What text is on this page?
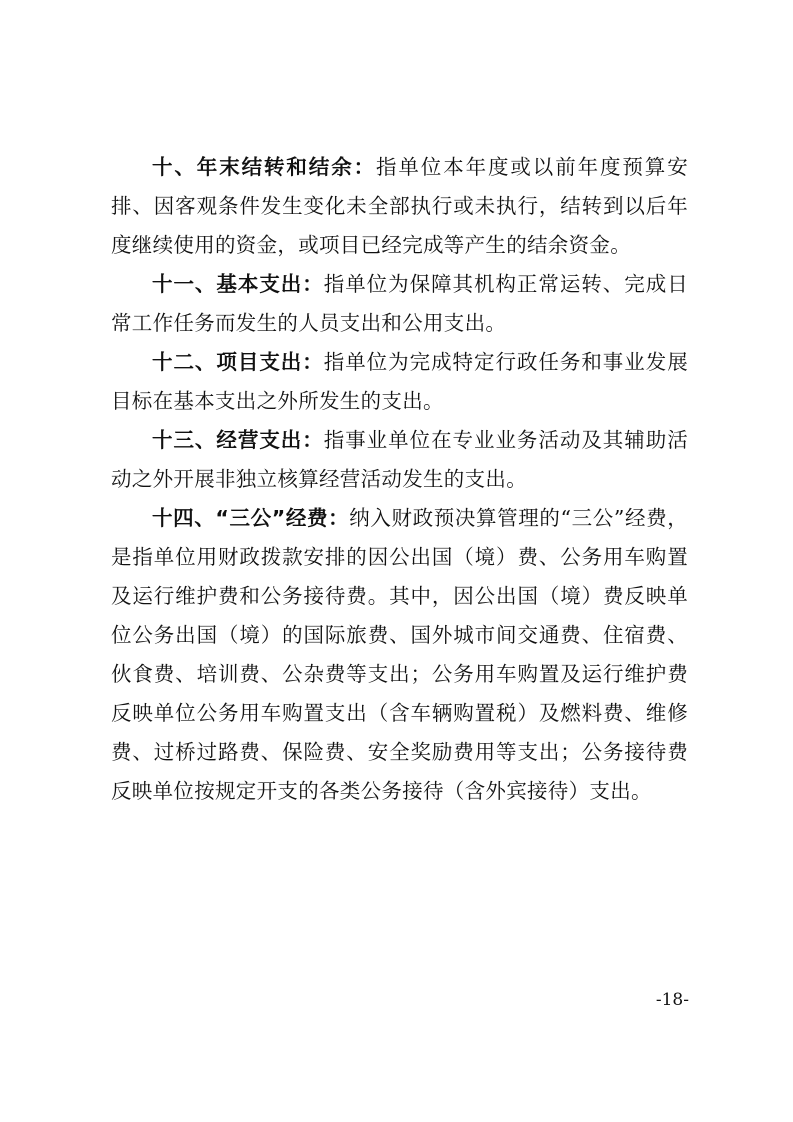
十、年末结转和结余：指单位本年度或以前年度预算安排、因客观条件发生变化未全部执行或未执行，结转到以后年度继续使用的资金，或项目已经完成等产生的结余资金。

十一、基本支出：指单位为保障其机构正常运转、完成日常工作任务而发生的人员支出和公用支出。

十二、项目支出：指单位为完成特定行政任务和事业发展目标在基本支出之外所发生的支出。

十三、经营支出：指事业单位在专业业务活动及其辅助活动之外开展非独立核算经营活动发生的支出。

十四、“三公”经费：纳入财政预决算管理的“三公”经费，是指单位用财政拨款安排的因公出国（境）费、公务用车购置及运行维护费和公务接待费。其中，因公出国（境）费反映单位公务出国（境）的国际旅费、国外城市间交通费、住宿费、伙食费、培训费、公杂费等支出；公务用车购置及运行维护费反映单位公务用车购置支出（含车辆购置税）及燃料费、维修费、过桥过路费、保险费、安全奖励费用等支出；公务接待费反映单位按规定开支的各类公务接待（含外宾接待）支出。

-18-
